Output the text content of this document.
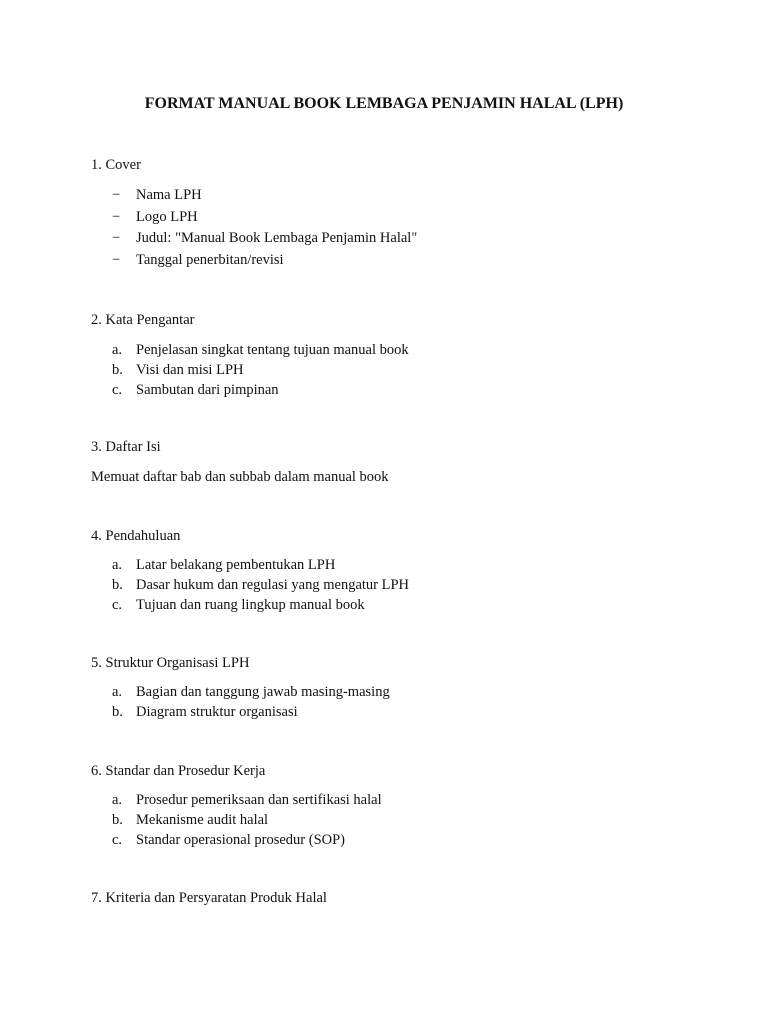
FORMAT MANUAL BOOK LEMBAGA PENJAMIN HALAL (LPH)
1. Cover
−	Nama LPH
−	Logo LPH
−	Judul: "Manual Book Lembaga Penjamin Halal"
−	Tanggal penerbitan/revisi
2. Kata Pengantar
a. Penjelasan singkat tentang tujuan manual book
b. Visi dan misi LPH
c. Sambutan dari pimpinan
3. Daftar Isi
Memuat daftar bab dan subbab dalam manual book
4. Pendahuluan
a. Latar belakang pembentukan LPH
b. Dasar hukum dan regulasi yang mengatur LPH
c. Tujuan dan ruang lingkup manual book
5. Struktur Organisasi LPH
a. Bagian dan tanggung jawab masing-masing
b. Diagram struktur organisasi
6. Standar dan Prosedur Kerja
a. Prosedur pemeriksaan dan sertifikasi halal
b. Mekanisme audit halal
c. Standar operasional prosedur (SOP)
7. Kriteria dan Persyaratan Produk Halal
